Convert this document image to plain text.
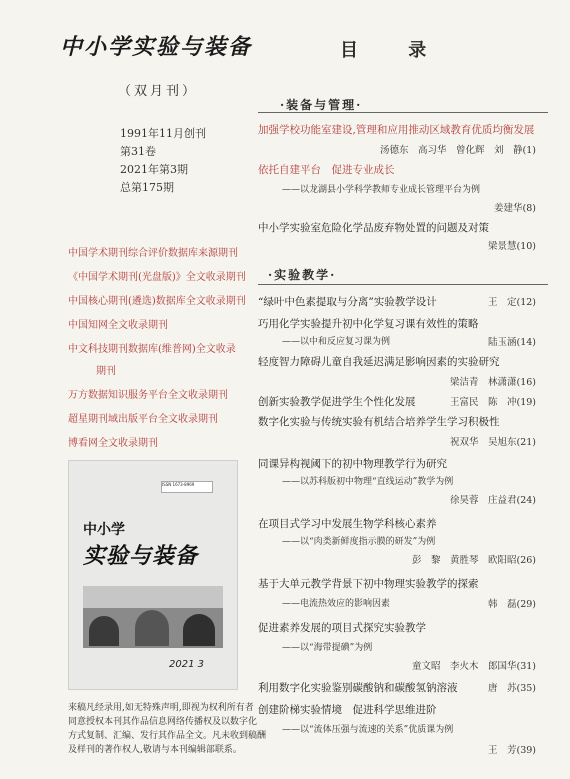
中小学实验与装备
（双月刊）
1991年11月创刊
第31卷
2021年第3期
总第175期
中国学术期刊综合评价数据库来源期刊
《中国学术期刊(光盘版)》全文收录期刊
中国核心期刊(遴选)数据库全文收录期刊
中国知网全文收录期刊
中文科技期刊数据库(维普网)全文收录
期刊
万方数据知识服务平台全文收录期刊
超星期刊域出版平台全文收录期刊
博看网全文收录期刊
ISSN 1673-8969
中小学
实验与装备
2021 3
来稿凡经录用,如无特殊声明,即视为权利所有者
同意授权本刊其作品信息网络传播权及以数字化
方式复制、汇编、发行其作品全文。凡未收到稿酬
及样刊的著作权人,敬请与本刊编辑部联系。
目 录
·装备与管理·
加强学校功能室建设,管理和应用推动区域教育优质均衡发展
汤德东　高习华　曾化辉　刘　静(1)
依托自建平台　促进专业成长
——以龙湖县小学科学教师专业成长管理平台为例
姜建华(8)
中小学实验室危险化学品废弃物处置的问题及对策
梁景慧(10)
·实验教学·
“绿叶中色素提取与分离”实验教学设计	王　定(12)
巧用化学实验提升初中化学复习课有效性的策略
——以中和反应复习课为例	陆玉涵(14)
轻度智力障碍儿童自我延迟满足影响因素的实验研究
梁洁青　林潇潇(16)
创新实验教学促进学生个性化发展	王富民　陈　冲(19)
数字化实验与传统实验有机结合培养学生学习积极性
祝双华　吴旭东(21)
同课异构视阈下的初中物理教学行为研究
——以苏科版初中物理“直线运动”教学为例
徐昊蓉　庄益君(24)
在项目式学习中发展生物学科核心素养
——以“肉类新鲜度指示膜的研发”为例
彭　黎　黄胜琴　欧阳昭(26)
基于大单元教学背景下初中物理实验教学的探索
——电流热效应的影响因素	韩　磊(29)
促进素养发展的项目式探究实验教学
——以“海带提碘”为例
童文昭　李火木　郎国华(31)
利用数字化实验鉴别碳酸钠和碳酸氢钠溶液	唐　苏(35)
创建阶梯实验情境　促进科学思维进阶
——以“流体压强与流速的关系”优质课为例
王　芳(39)
